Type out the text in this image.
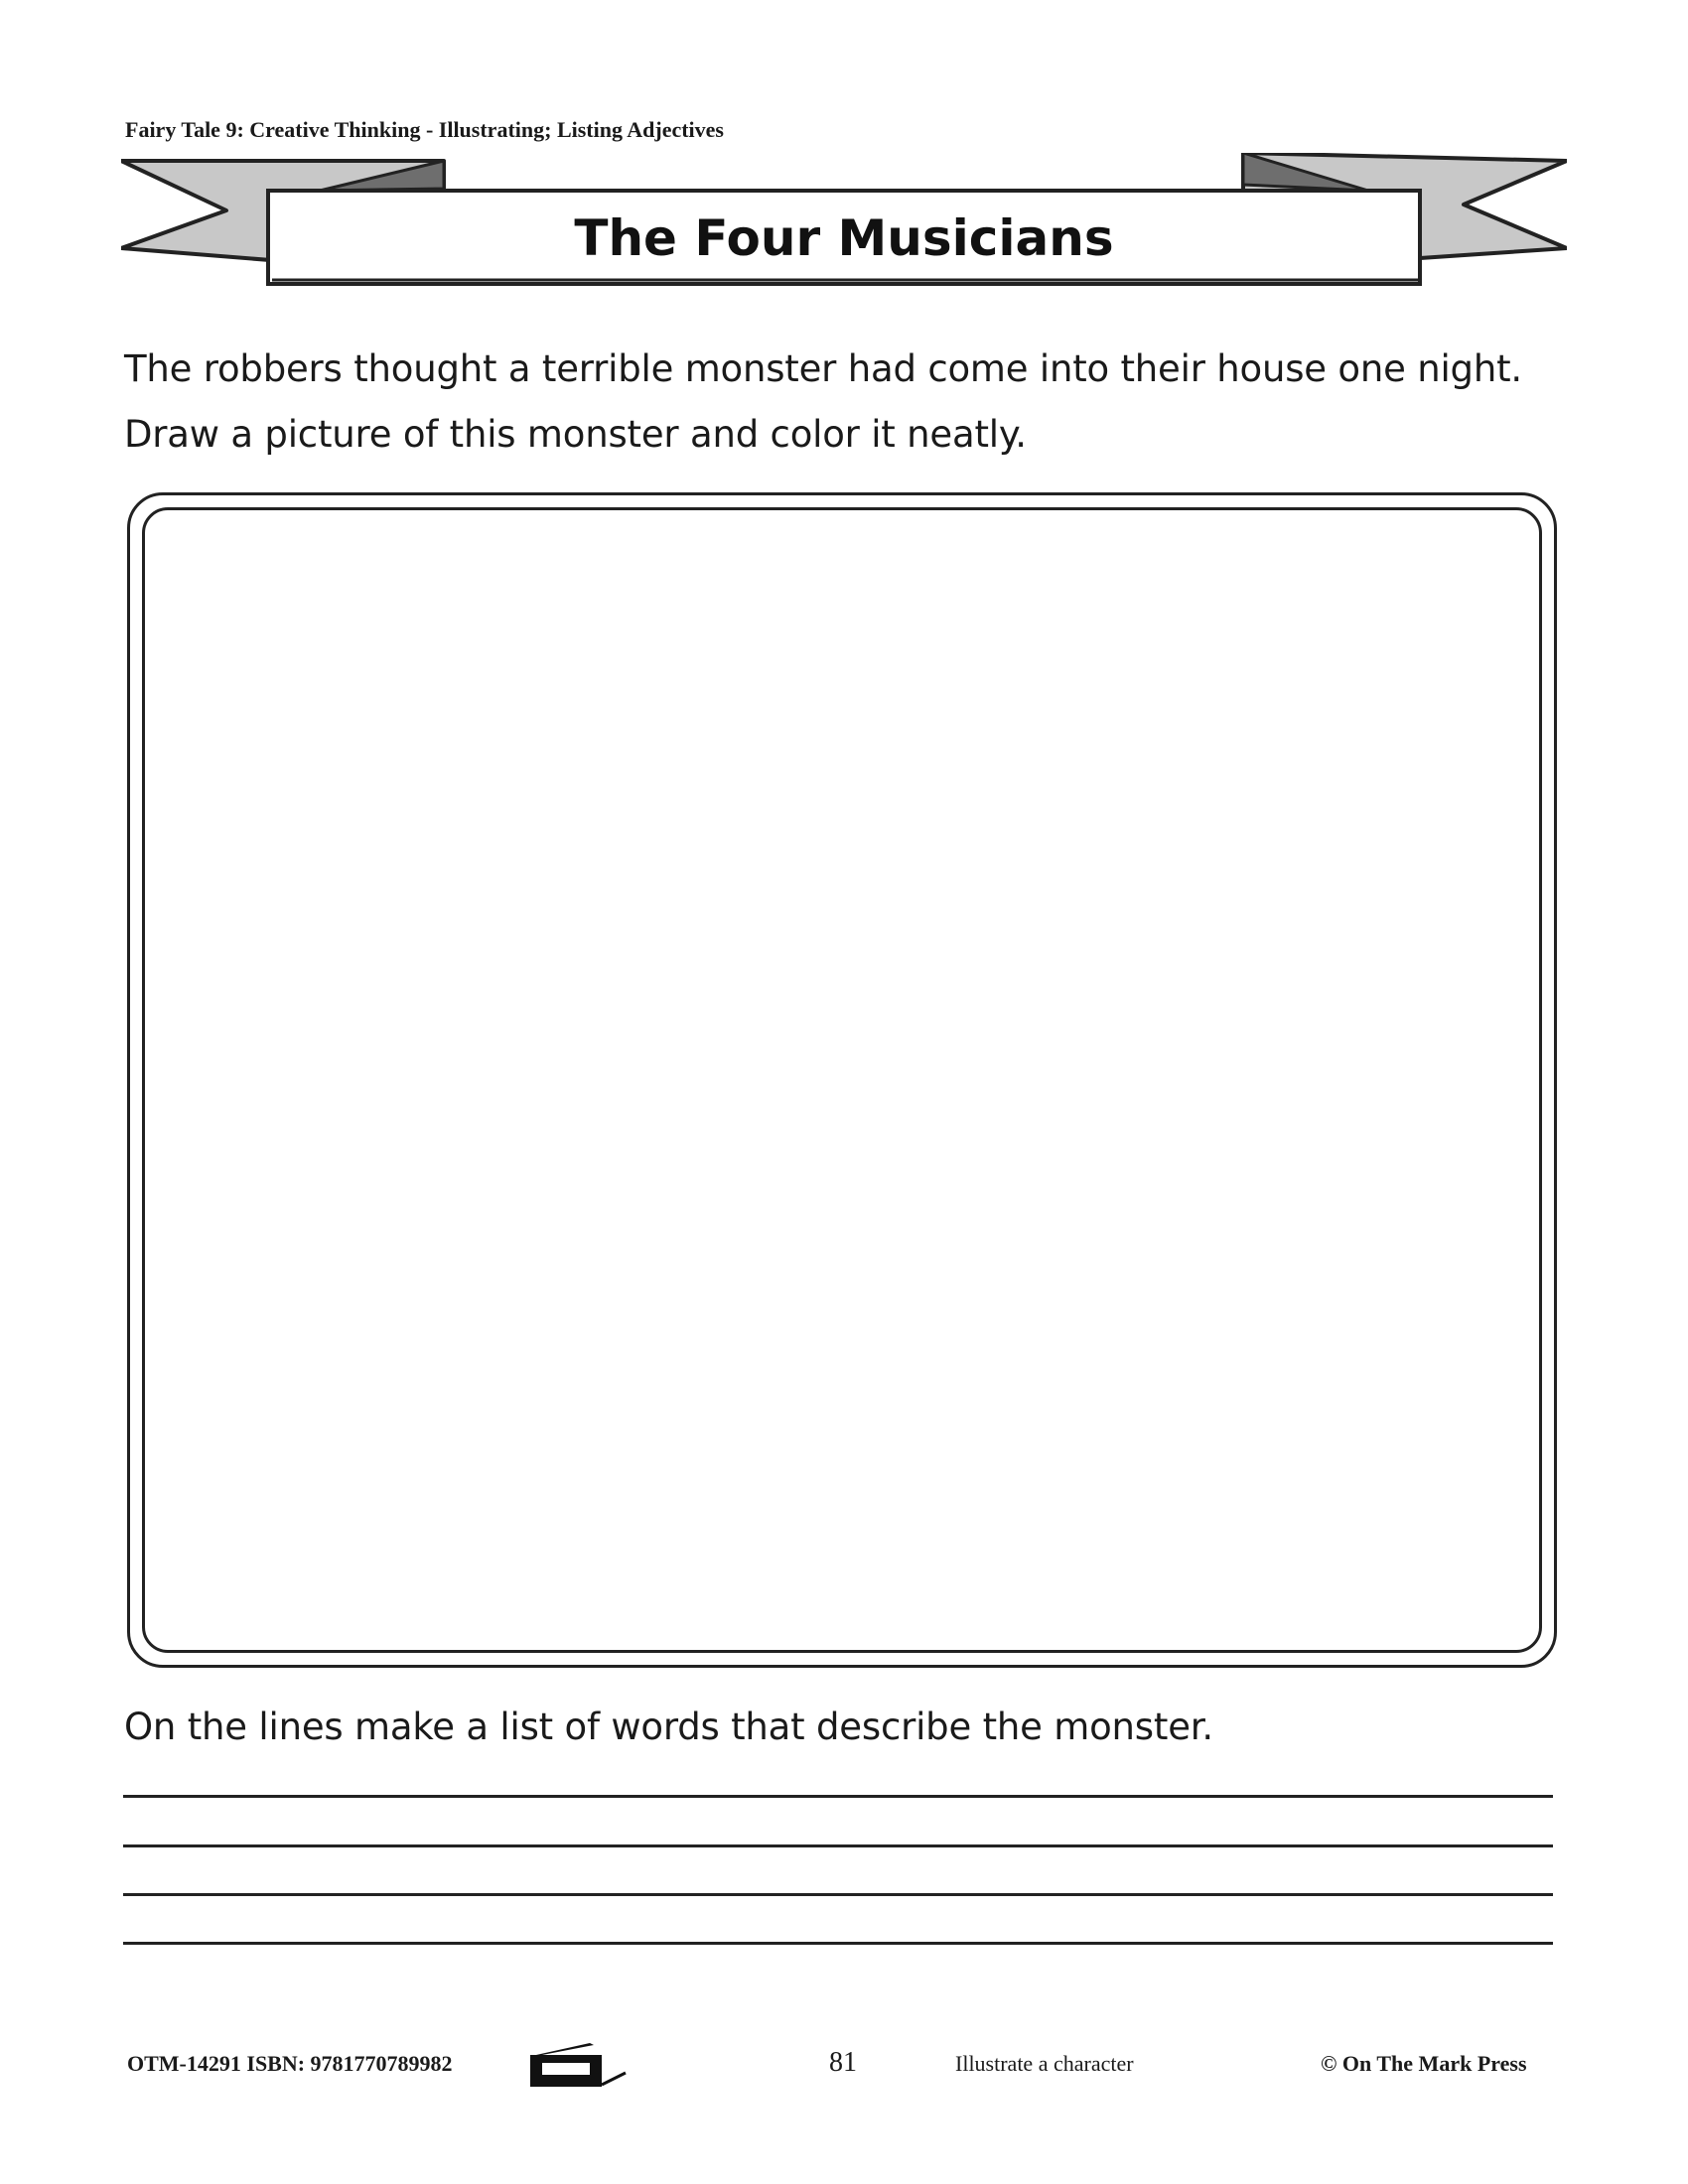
Fairy Tale 9: Creative Thinking - Illustrating; Listing Adjectives
The Four Musicians
The robbers thought a terrible monster had come into their house one night.
Draw a picture of this monster and color it neatly.
On the lines make a list of words that describe the monster.
OTM-14291 ISBN: 9781770789982	81	Illustrate a character	© On The Mark Press
